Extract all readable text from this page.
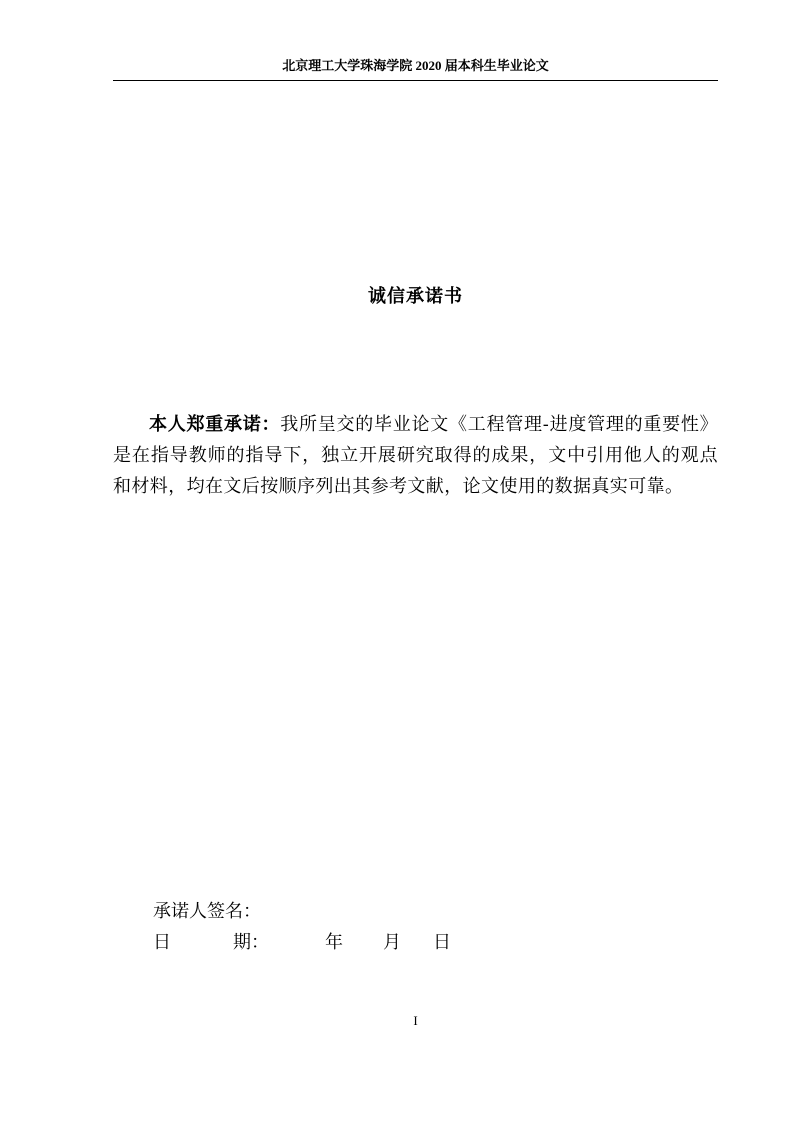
北京理工大学珠海学院 2020 届本科生毕业论文
诚信承诺书
本人郑重承诺：我所呈交的毕业论文《工程管理-进度管理的重要性》是在指导教师的指导下，独立开展研究取得的成果，文中引用他人的观点和材料，均在文后按顺序列出其参考文献，论文使用的数据真实可靠。
承诺人签名：
日	期：	年 月 日
I
